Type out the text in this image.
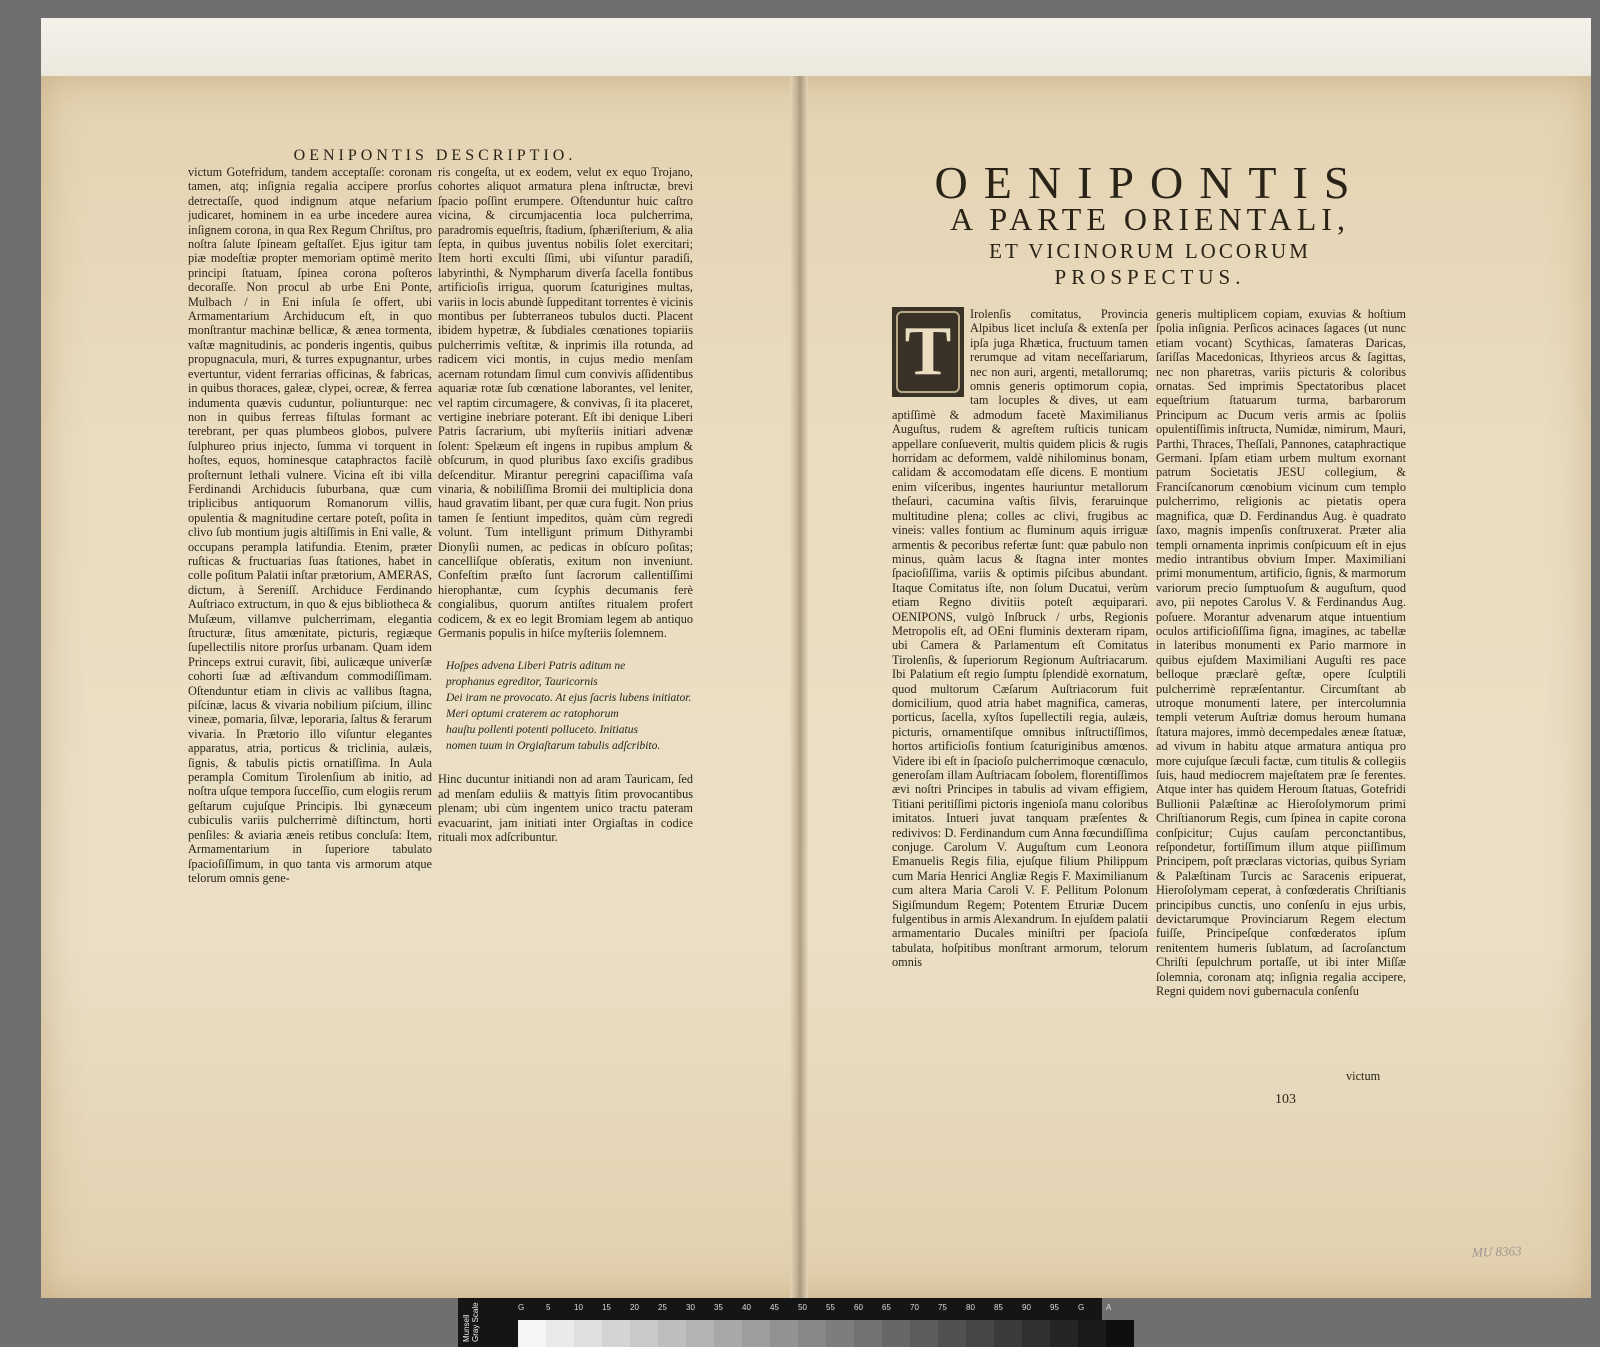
OENIPONTIS DESCRIPTIO.
victum Gotefridum, tandem acceptaſſe: coronam tamen, atq; inſignia regalia accipere prorſus detrectaſſe, quod indignum atque nefarium judicaret, hominem in ea urbe incedere aurea inſignem corona, in qua Rex Regum Chriſtus, pro noſtra ſalute ſpineam geſtaſſet. Ejus igitur tam piæ modeſtiæ propter memoriam optimè merito principi ſtatuam, ſpinea corona poſteros decoraſſe. Non procul ab urbe Eni Ponte, Mulbach / in Eni inſula ſe offert, ubi Armamentarium Archiducum eſt, in quo monſtrantur machinæ bellicæ, & ænea tormenta, vaſtæ magnitudinis, ac ponderis ingentis, quibus propugnacula, muri, & turres expugnantur, urbes evertuntur, vident ferrarias officinas, & fabricas, in quibus thoraces, galeæ, clypei, ocreæ, & ferrea indumenta quævis cuduntur, poliunturque: nec non in quibus ferreas fiſtulas formant ac terebrant, per quas plumbeos globos, pulvere ſulphureo prius injecto, ſumma vi torquent in hoſtes, equos, hominesque cataphractos facilè proſternunt lethali vulnere. Vicina eſt ibi villa Ferdinandi Archiducis ſuburbana, quæ cum triplicibus antiquorum Romanorum villis, opulentia & magnitudine certare poteſt, poſita in clivo ſub montium jugis altiſſimis in Eni valle, & occupans perampla latifundia. Etenim, præter ruſticas & fructuarias ſuas ſtationes, habet in colle poſitum Palatii inſtar prætorium, AMERAS, dictum, à Sereniſſ. Archiduce Ferdinando Auſtriaco extructum, in quo & ejus bibliotheca & Muſæum, villamve pulcherrimam, elegantia ſtructuræ, ſitus amœnitate, picturis, regiæque ſupellectilis nitore prorſus urbanam. Quam idem Princeps extrui curavit, ſibi, aulicæque univerſæ cohorti ſuæ ad æſtivandum commodiſſimam. Oſtenduntur etiam in clivis ac vallibus ſtagna, piſcinæ, lacus & vivaria nobilium piſcium, illinc vineæ, pomaria, ſilvæ, leporaria, ſaltus & ferarum vivaria. In Prætorio illo viſuntur elegantes apparatus, atria, porticus & triclinia, aulæis, ſignis, & tabulis pictis ornatiſſima. In Aula perampla Comitum Tirolenſium ab initio, ad noſtra uſque tempora ſucceſſio, cum elogiis rerum geſtarum cujuſque Principis. Ibi gynæceum cubiculis variis pulcherrimè diſtinctum, horti penſiles: & aviaria æneis retibus concluſa: Item, Armamentarium in ſuperiore tabulato ſpacioſiſſimum, in quo tanta vis armorum atque telorum omnis gene-
ris congeſta, ut ex eodem, velut ex equo Trojano, cohortes aliquot armatura plena inſtructæ, brevi ſpacio poſſint erumpere. Oſtenduntur huic caſtro vicina, & circumjacentia loca pulcherrima, paradromis equeſtris, ſtadium, ſphæriſterium, & alia ſepta, in quibus juventus nobilis ſolet exercitari; Item horti exculti ſſimi, ubi viſuntur paradiſi, labyrinthi, & Nympharum diverſa ſacella fontibus artificioſis irrigua, quorum ſcaturigines multas, variis in locis abundè ſuppeditant torrentes è vicinis montibus per ſubterraneos tubulos ducti. Placent ibidem hypetræ, & ſubdiales cœnationes topiariis pulcherrimis veſtitæ, & inprimis illa rotunda, ad radicem vici montis, in cujus medio menſam acernam rotundam ſimul cum convivis aſſidentibus aquariæ rotæ ſub cœnatione laborantes, vel leniter, vel raptim circumagere, & convivas, ſi ita placeret, vertigine inebriare poterant. Eſt ibi denique Liberi Patris ſacrarium, ubi myſteriis initiari advenæ ſolent: Spelæum eſt ingens in rupibus amplum & obſcurum, in quod pluribus ſaxo exciſis gradibus deſcenditur. Mirantur peregrini capaciſſima vaſa vinaria, & nobiliſſima Bromii dei multiplicia dona haud gravatim libant, per quæ cura fugit. Non prius tamen ſe ſentiunt impeditos, quàm cùm regredi volunt. Tum intelligunt primum Dithyrambi Dionyſii numen, ac pedicas in obſcuro poſitas; cancelliſque obſeratis, exitum non inveniunt. Confeſtim præſto ſunt ſacrorum callentiſſimi hierophantæ, cum ſcyphis decumanis ferè congialibus, quorum antiſtes ritualem profert codicem, & ex eo legit Bromiam legem ab antiquo Germanis populis in hiſce myſteriis ſolemnem.
Hoſpes advena Liberi Patris aditum ne
prophanus egreditor, Tauricornis
Dei iram ne provocato. At ejus ſacris lubens initiator.
Meri optumi craterem ac ratophorum
hauſtu pollenti potenti polluceto. Initiatus
nomen tuum in Orgiaſtarum tabulis adſcribito.
Hinc ducuntur initiandi non ad aram Tauricam, ſed ad menſam eduliis & mattyis ſitim provocantibus plenam; ubi cùm ingentem unico tractu pateram evacuarint, jam initiati inter Orgiaſtas in codice rituali mox adſcribuntur.
OENIPONTIS
A PARTE ORIENTALI,
ET VICINORUM LOCORUM
PROSPECTUS.
T	Irolenſis comitatus, Provincia Alpibus licet incluſa & extenſa per ipſa juga Rhætica, fructuum tamen rerumque ad vitam neceſſariarum, nec non auri, argenti, metallorumq; omnis generis optimorum copia, tam locuples & dives, ut eam aptiſſimè & admodum facetè Maximilianus Auguſtus, rudem & agreſtem ruſticis tunicam appellare conſueverit, multis quidem plicis & rugis horridam ac deformem, valdè nihilominus bonam, calidam & accomodatam eſſe dicens. E montium enim viſceribus, ingentes hauriuntur metallorum theſauri, cacumina vaſtis ſilvis, feraruinque multitudine plena; colles ac clivi, frugibus ac vineis: valles fontium ac fluminum aquis irriguæ armentis & pecoribus refertæ ſunt: quæ pabulo non minus, quàm lacus & ſtagna inter montes ſpacioſiſſima, variis & optimis piſcibus abundant. Itaque Comitatus iſte, non ſolum Ducatui, verùm etiam Regno divitiis poteſt æquiparari. OENIPONS, vulgò Inſbruck / urbs, Regionis Metropolis eſt, ad OEni fluminis dexteram ripam, ubi Camera & Parlamentum eſt Comitatus Tirolenſis, & ſuperiorum Regionum Auſtriacarum. Ibi Palatium eſt regio ſumptu ſplendidè exornatum, quod multorum Cæſarum Auſtriacorum fuit domicilium, quod atria habet magnifica, cameras, porticus, ſacella, xyſtos ſupellectili regia, aulæis, picturis, ornamentiſque omnibus inſtructiſſimos, hortos artificioſis fontium ſcaturiginibus amœnos. Videre ibi eſt in ſpacioſo pulcherrimoque cœnaculo, generoſam illam Auſtriacam ſobolem, florentiſſimos ævi noſtri Principes in tabulis ad vivam effigiem, Titiani peritiſſimi pictoris ingenioſa manu coloribus imitatos. Intueri juvat tanquam præſentes & redivivos: D. Ferdinandum cum Anna fœcundiſſima conjuge. Carolum V. Auguſtum cum Leonora Emanuelis Regis filia, ejuſque filium Philippum cum Maria Henrici Angliæ Regis F. Maximilianum cum altera Maria Caroli V. F. Pellitum Polonum Sigiſmundum Regem; Potentem Etruriæ Ducem fulgentibus in armis Alexandrum. In ejuſdem palatii armamentario Ducales miniſtri per ſpacioſa tabulata, hoſpitibus monſtrant armorum, telorum omnis
generis multiplicem copiam, exuvias & hoſtium ſpolia inſignia. Perſicos acinaces ſagaces (ut nunc etiam vocant) Scythicas, ſamateras Daricas, ſariſſas Macedonicas, Ithyrieos arcus & ſagittas, nec non pharetras, variis picturis & coloribus ornatas. Sed imprimis Spectatoribus placet equeſtrium ſtatuarum turma, barbarorum Principum ac Ducum veris armis ac ſpoliis opulentiſſimis inſtructa, Numidæ, nimirum, Mauri, Parthi, Thraces, Theſſali, Pannones, cataphractique Germani. Ipſam etiam urbem multum exornant patrum Societatis JESU collegium, & Franciſcanorum cœnobium vicinum cum templo pulcherrimo, religionis ac pietatis opera magnifica, quæ D. Ferdinandus Aug. è quadrato ſaxo, magnis impenſis conſtruxerat. Præter alia templi ornamenta inprimis conſpicuum eſt in ejus medio intrantibus obvium Imper. Maximiliani primi monumentum, artificio, ſignis, & marmorum variorum precio ſumptuoſum & auguſtum, quod avo, pii nepotes Carolus V. & Ferdinandus Aug. poſuere. Morantur advenarum atque intuentium oculos artificioſiſſima ſigna, imagines, ac tabellæ in lateribus monumenti ex Pario marmore in quibus ejuſdem Maximiliani Auguſti res pace belloque præclarè geſtæ, opere ſculptili pulcherrimè repræſentantur. Circumſtant ab utroque monumenti latere, per intercolumnia templi veterum Auſtriæ domus heroum humana ſtatura majores, immò decempedales æneæ ſtatuæ, ad vivum in habitu atque armatura antiqua pro more cujuſque ſæculi factæ, cum titulis & collegiis ſuis, haud mediocrem majeſtatem præ ſe ferentes. Atque inter has quidem Heroum ſtatuas, Gotefridi Bullionii Palæſtinæ ac Hieroſolymorum primi Chriſtianorum Regis, cum ſpinea in capite corona conſpicitur; Cujus cauſam perconctantibus, reſpondetur, fortiſſimum illum atque piiſſimum Principem, poſt præclaras victorias, quibus Syriam & Palæſtinam Turcis ac Saracenis eripuerat, Hieroſolymam ceperat, à confœderatis Chriſtianis principibus cunctis, uno conſenſu in ejus urbis, devictarumque Provinciarum Regem electum fuiſſe, Principeſque confœderatos ipſum renitentem humeris ſublatum, ad ſacroſanctum Chriſti ſepulchrum portaſſe, ut ibi inter Miſſæ ſolemnia, coronam atq; inſignia regalia accipere, Regni quidem novi gubernacula conſenſu
victum
103
MU 8363
Munsell Gray Scale	G	5	10	15	20	25	30	35	40	45	50	55	60	65	70	75	80	85	90	95	G	A
